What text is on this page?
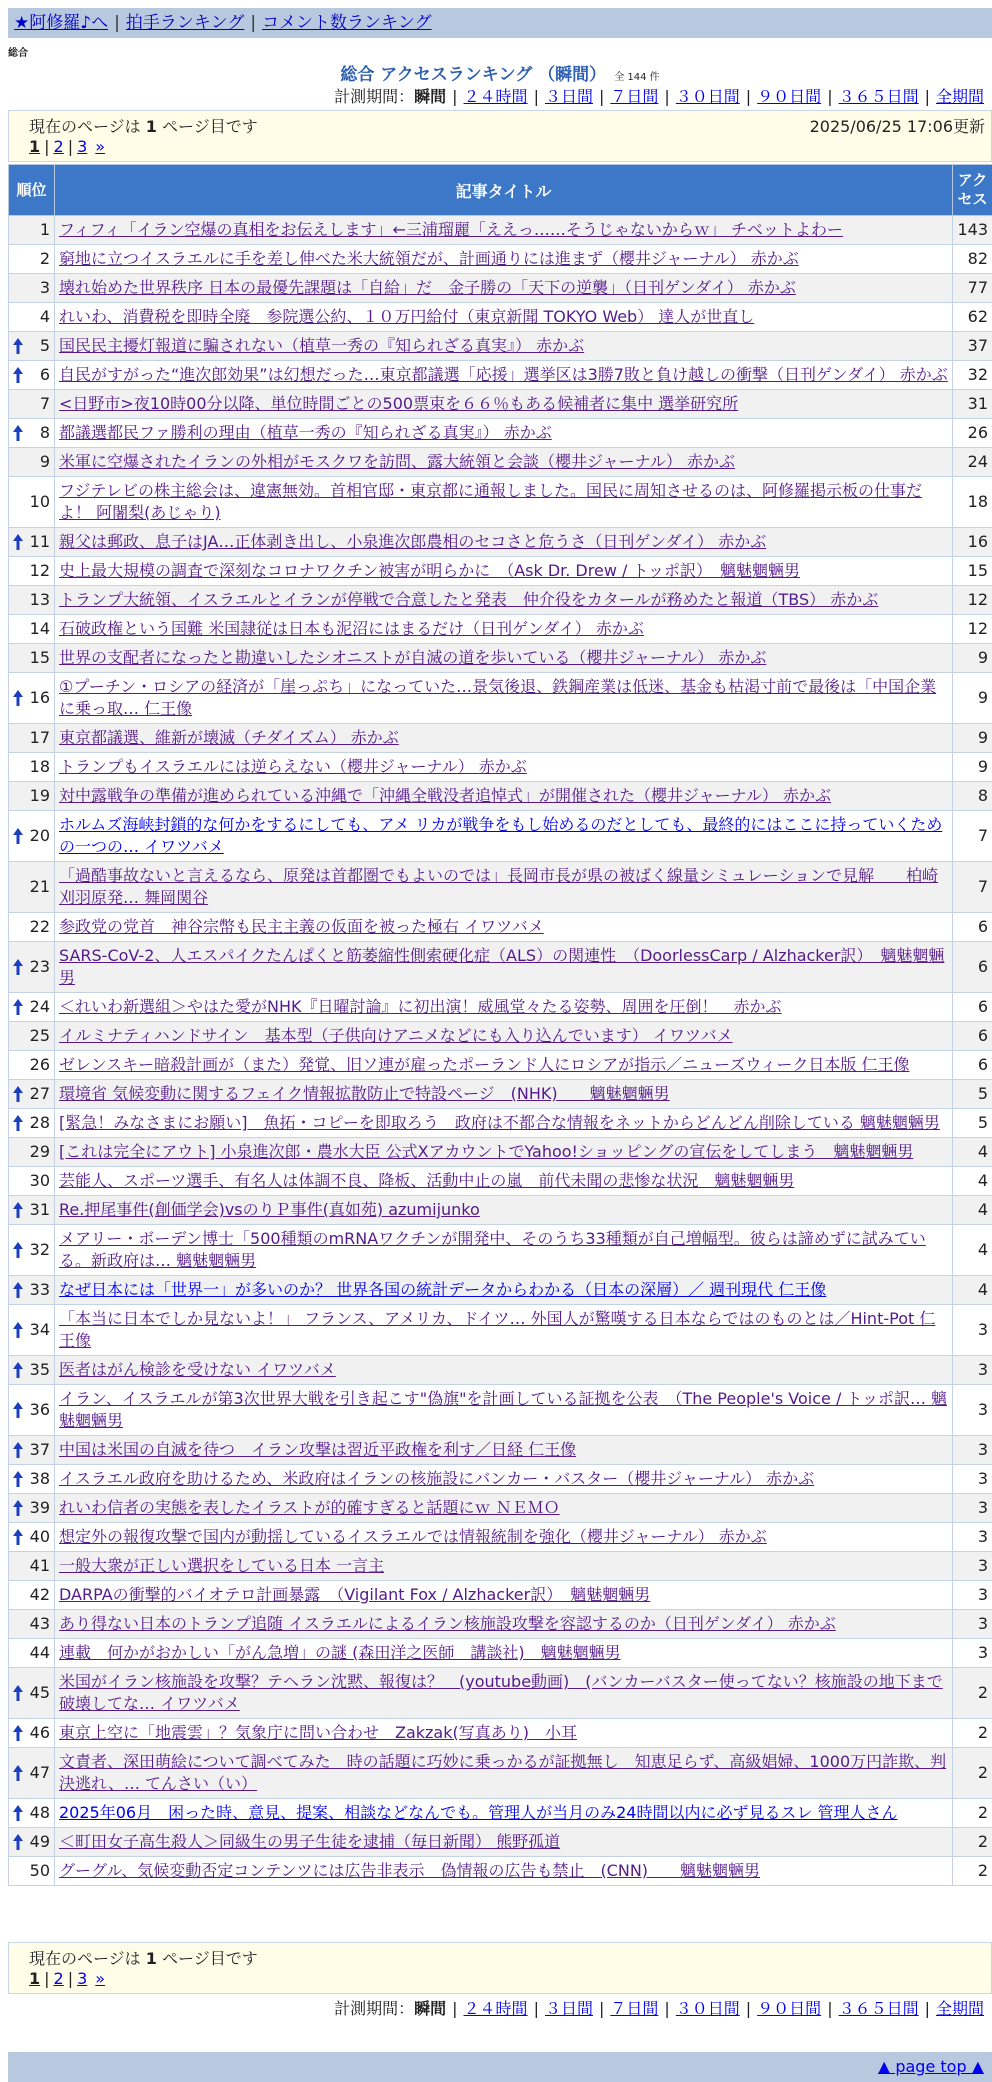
★阿修羅♪へ | 拍手ランキング | コメント数ランキング
総合
総合 アクセスランキング （瞬間） 全 144 件
計測期間：瞬間 | ２４時間 | ３日間 | ７日間 | ３０日間 | ９０日間 | ３６５日間 | 全期間
現在のページは 1 ページ目です	2025/06/25 17:06更新
1 | 2 | 3 »
順位	記事タイトル	アクセス
1	フィフィ「イラン空爆の真相をお伝えします」←三浦瑠麗「ええっ……そうじゃないからｗ」 チベットよわー	143
2	窮地に立つイスラエルに手を差し伸べた米大統領だが、計画通りには進まず（櫻井ジャーナル） 赤かぶ	82
3	壊れ始めた世界秩序 日本の最優先課題は「自給」だ　金子勝の「天下の逆襲」（日刊ゲンダイ） 赤かぶ	77
4	れいわ、消費税を即時全廃　参院選公約、１０万円給付（東京新聞 TOKYO Web） 達人が世直し	62

5	国民民主擾灯報道に騙されない（植草一秀の『知られざる真実』） 赤かぶ	37

6	自民がすがった“進次郎効果”は幻想だった…東京都議選「応援」選挙区は3勝7敗と負け越しの衝撃（日刊ゲンダイ） 赤かぶ	32
7	<日野市>夜10時00分以降、単位時間ごとの500票束を６６％もある候補者に集中 選挙研究所	31

8	都議選都民ファ勝利の理由（植草一秀の『知られざる真実』） 赤かぶ	26
9	米軍に空爆されたイランの外相がモスクワを訪問、露大統領と会談（櫻井ジャーナル） 赤かぶ	24
10	フジテレビの株主総会は、違憲無効。首相官邸・東京都に通報しました。国民に周知させるのは、阿修羅掲示板の仕事だよ！ 阿闍梨(あじゃり)	18

11	親父は郵政、息子はJA…正体剥き出し、小泉進次郎農相のセコさと危うさ（日刊ゲンダイ） 赤かぶ	16
12	史上最大規模の調査で深刻なコロナワクチン被害が明らかに　（Ask Dr. Drew / トッポ訳）　魑魅魍魎男	15
13	トランプ大統領、イスラエルとイランが停戦で合意したと発表　仲介役をカタールが務めたと報道（TBS） 赤かぶ	12
14	石破政権という国難 米国隷従は日本も泥沼にはまるだけ（日刊ゲンダイ） 赤かぶ	12
15	世界の支配者になったと勘違いしたシオニストが自滅の道を歩いている（櫻井ジャーナル） 赤かぶ	9

16	①プーチン・ロシアの経済が「崖っぷち」になっていた…景気後退、鉄鋼産業は低迷、基金も枯渇寸前で最後は「中国企業に乗っ取… 仁王像	9
17	東京都議選、維新が壊滅（チダイズム） 赤かぶ	9
18	トランプもイスラエルには逆らえない（櫻井ジャーナル） 赤かぶ	9
19	対中露戦争の準備が進められている沖縄で「沖縄全戦没者追悼式」が開催された（櫻井ジャーナル） 赤かぶ	8

20	ホルムズ海峡封鎖的な何かをするにしても、アメ リカが戦争をもし始めるのだとしても、最終的にはここに持っていくための一つの… イワツバメ	7
21	「過酷事故ないと言えるなら、原発は首都圏でもよいのでは」長岡市長が県の被ばく線量シミュレーションで見解　　柏崎刈羽原発… 舞岡関谷	7
22	参政党の党首　神谷宗幣も民主主義の仮面を被った極右 イワツバメ	6

23	SARS-CoV-2、人エスパイクたんぱくと筋萎縮性側索硬化症（ALS）の関連性　（DoorlessCarp / Alzhacker訳）　魑魅魍魎男	6

24	＜れいわ新選組＞やはた愛がNHK『日曜討論』に初出演！威風堂々たる姿勢、周囲を圧倒！　赤かぶ	6
25	イルミナティハンドサイン　基本型（子供向けアニメなどにも入り込んでいます） イワツバメ	6
26	ゼレンスキー暗殺計画が（また）発覚、旧ソ連が雇ったポーランド人にロシアが指示／ニューズウィーク日本版 仁王像	6

27	環境省 気候変動に関するフェイク情報拡散防止で特設ページ　(NHK)　　魑魅魍魎男	5

28	[緊急！みなさまにお願い]　魚拓・コピーを即取ろう　政府は不都合な情報をネットからどんどん削除している 魑魅魍魎男	5
29	[これは完全にアウト] 小泉進次郎・農水大臣 公式XアカウントでYahoo!ショッピングの宣伝をしてしまう　魑魅魍魎男	4
30	芸能人、スポーツ選手、有名人は体調不良、降板、活動中止の嵐　前代未聞の悲惨な状況　魑魅魍魎男	4

31	Re.押尾事件(創価学会)vsのりＰ事件(真如苑) azumijunko	4

32	メアリー・ボーデン博士「500種類のmRNAワクチンが開発中、そのうち33種類が自己増幅型。彼らは諦めずに試みている。新政府は… 魑魅魍魎男	4

33	なぜ日本には「世界一」が多いのか？ 世界各国の統計データからわかる（日本の深層）／ 週刊現代 仁王像	4

34	「本当に日本でしか見ないよ！」 フランス、アメリカ、ドイツ… 外国人が驚嘆する日本ならではのものとは／Hint-Pot 仁王像	3

35	医者はがん検診を受けない イワツバメ	3

36	イラン、イスラエルが第3次世界大戦を引き起こす"偽旗"を計画している証拠を公表　（The People's Voice / トッポ訳… 魑魅魍魎男	3

37	中国は米国の自滅を待つ　イラン攻撃は習近平政権を利す／日経 仁王像	3

38	イスラエル政府を助けるため、米政府はイランの核施設にバンカー・バスター（櫻井ジャーナル） 赤かぶ	3

39	れいわ信者の実態を表したイラストが的確すぎると話題にｗ ＮＥＭＯ	3

40	想定外の報復攻撃で国内が動揺しているイスラエルでは情報統制を強化（櫻井ジャーナル） 赤かぶ	3
41	一般大衆が正しい選択をしている日本 一言主	3
42	DARPAの衝撃的バイオテロ計画暴露　（Vigilant Fox / Alzhacker訳）　魑魅魍魎男	3
43	あり得ない日本のトランプ追随 イスラエルによるイラン核施設攻撃を容認するのか（日刊ゲンダイ） 赤かぶ	3
44	連載　何かがおかしい「がん急増」の謎 (森田洋之医師　講談社)　魑魅魍魎男	3

45	米国がイラン核施設を攻撃？テヘラン沈黙、報復は？　(youtube動画)　(バンカーバスター使ってない？核施設の地下まで破壊してな… イワツバメ	2

46	東京上空に「地震雲」？気象庁に問い合わせ　Zakzak(写真あり)　小耳	2

47	文責者、深田萌絵について調べてみた　時の話題に巧妙に乗っかるが証拠無し　知恵足らず、高級娼婦、1000万円詐欺、判決逃れ、… てんさい（い）	2

48	2025年06月　困った時、意見、提案、相談などなんでも。管理人が当月のみ24時間以内に必ず見るスレ 管理人さん	2

49	＜町田女子高生殺人＞同級生の男子生徒を逮捕（毎日新聞） 熊野孤道	2
50	グーグル、気候変動否定コンテンツには広告非表示　偽情報の広告も禁止　(CNN)　　魑魅魍魎男	2
現在のページは 1 ページ目です
1 | 2 | 3 »
計測期間：瞬間 | ２４時間 | ３日間 | ７日間 | ３０日間 | ９０日間 | ３６５日間 | 全期間
▲ page top ▲
